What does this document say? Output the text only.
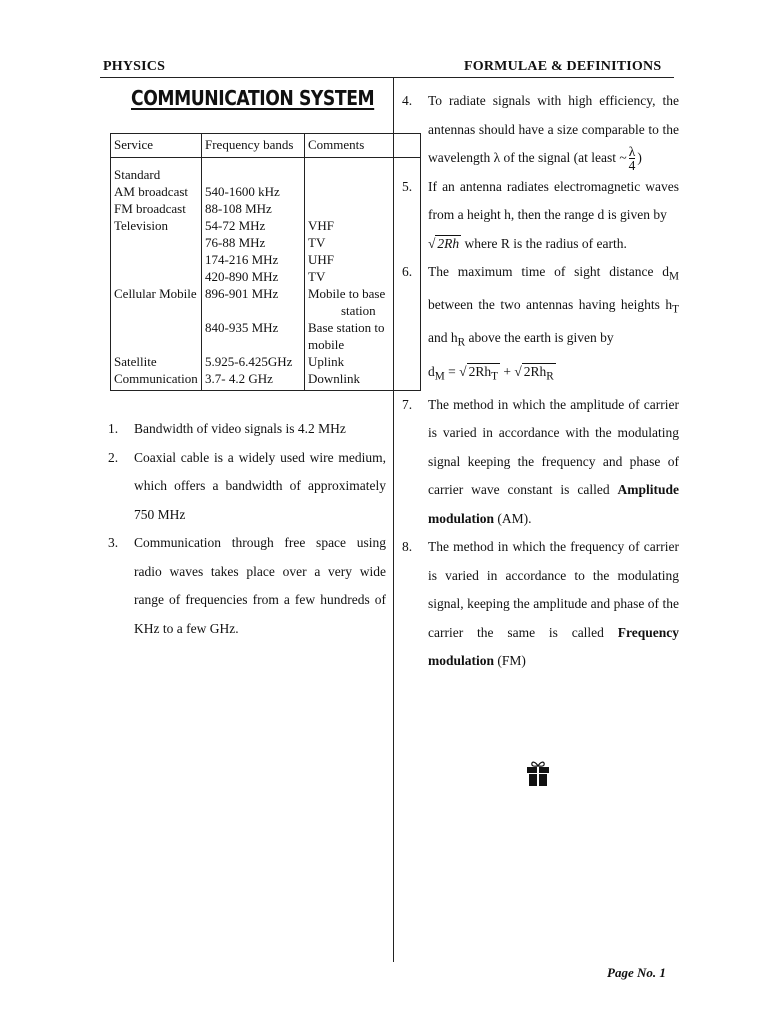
PHYSICS	FORMULAE & DEFINITIONS
COMMUNICATION SYSTEM
Service	Frequency bands	Comments

Standard		
AM broadcast	540-1600 kHz	
FM broadcast	88-108 MHz	
Television	54-72 MHz	VHF
	76-88 MHz	TV
	174-216 MHz	UHF
	420-890 MHz	TV
Cellular Mobile	896-901 MHz	Mobile to base
		station
	840-935 MHz	Base station to
		mobile
Satellite	5.925-6.425GHz	Uplink
Communication	3.7- 4.2 GHz	Downlink
1. Bandwidth of video signals is 4.2 MHz
2. Coaxial cable is a widely used wire medium, which offers a bandwidth of approximately 750 MHz
3. Communication through free space using radio waves takes place over a very wide range of frequencies from a few hundreds of KHz to a few GHz.
4. To radiate signals with high efficiency, the antennas should have a size comparable to the wavelength λ of the signal (at least ~ $\frac{\lambda}{4}$ )
5. If an antenna radiates electromagnetic waves from a height h, then the range d is given by
√ 2Rh where R is the radius of earth.
6. The maximum time of sight distance $d_M$ between the two antennas having heights $h_T$ and $h_R$ above the earth is given by
$d_M$ = √ $2Rh_T$ + √ $2Rh_R$
7. The method in which the amplitude of carrier is varied in accordance with the modulating signal keeping the frequency and phase of carrier wave constant is called Amplitude modulation (AM).
8. The method in which the frequency of carrier is varied in accordance to the modulating signal, keeping the amplitude and phase of the carrier the same is called Frequency modulation (FM)
Page No. 1
